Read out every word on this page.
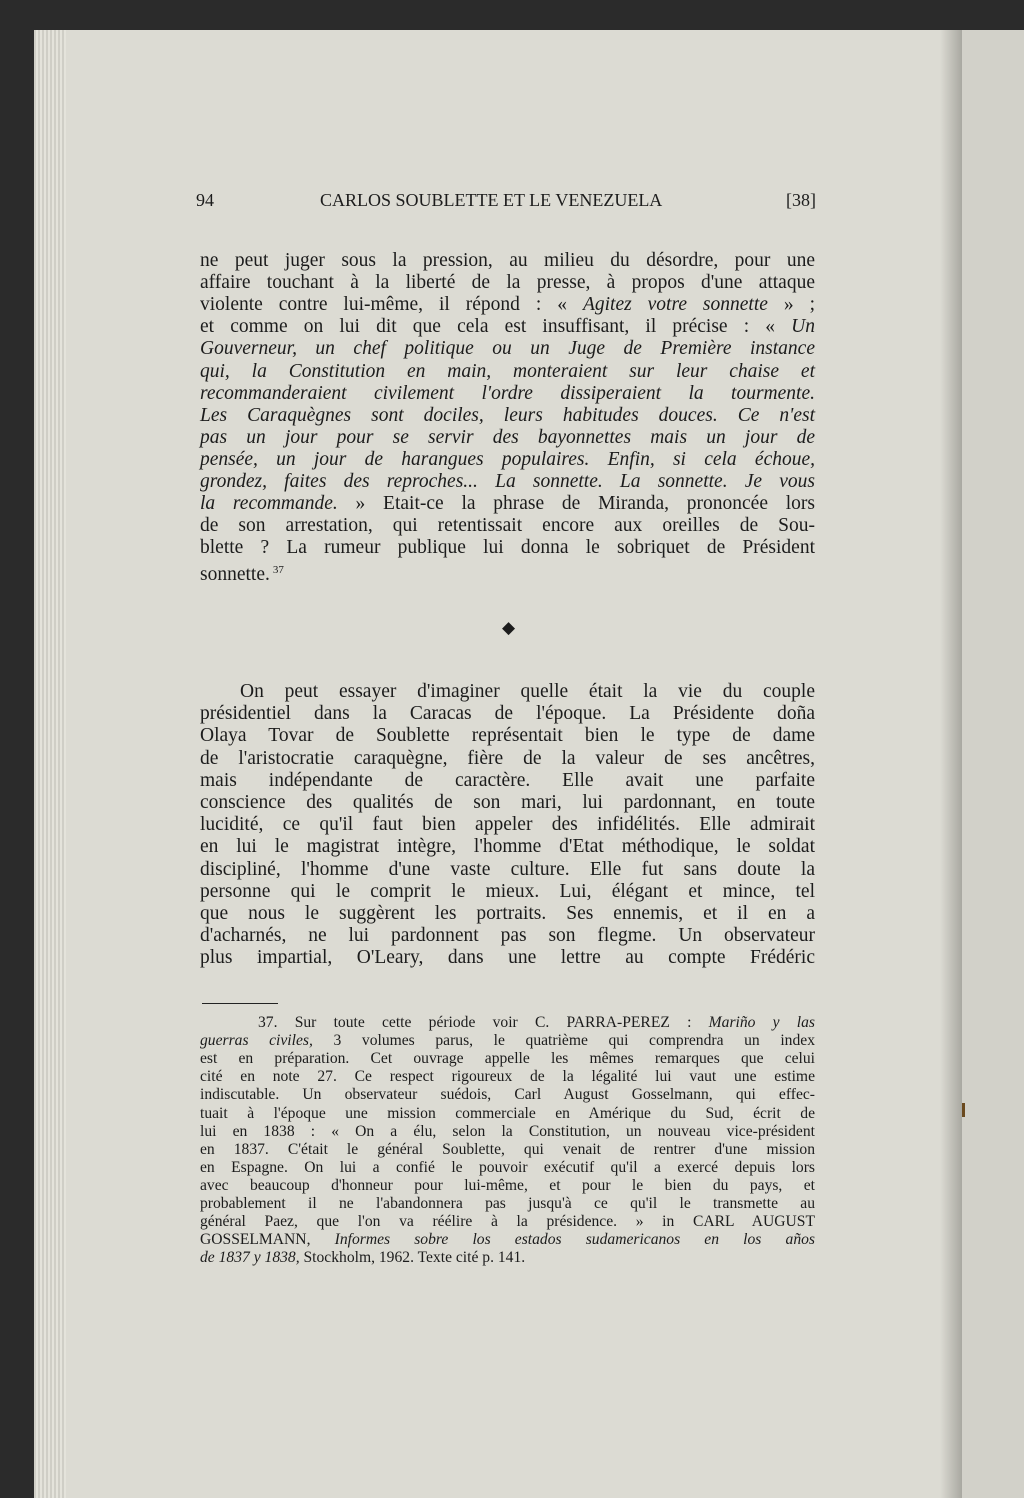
94	CARLOS SOUBLETTE ET LE VENEZUELA	[38]
ne peut juger sous la pression, au milieu du désordre, pour une
affaire touchant à la liberté de la presse, à propos d'une attaque
violente contre lui-même, il répond : « Agitez votre sonnette » ;
et comme on lui dit que cela est insuffisant, il précise : « Un
Gouverneur, un chef politique ou un Juge de Première instance
qui, la Constitution en main, monteraient sur leur chaise et
recommanderaient civilement l'ordre dissiperaient la tourmente.
Les Caraquègnes sont dociles, leurs habitudes douces. Ce n'est
pas un jour pour se servir des bayonnettes mais un jour de
pensée, un jour de harangues populaires. Enfin, si cela échoue,
grondez, faites des reproches... La sonnette. La sonnette. Je vous
la recommande. » Etait-ce la phrase de Miranda, prononcée lors
de son arrestation, qui retentissait encore aux oreilles de Sou-
blette ? La rumeur publique lui donna le sobriquet de Président
sonnette. $^{37}$
◆
On peut essayer d'imaginer quelle était la vie du couple
présidentiel dans la Caracas de l'époque. La Présidente doña
Olaya Tovar de Soublette représentait bien le type de dame
de l'aristocratie caraquègne, fière de la valeur de ses ancêtres,
mais indépendante de caractère. Elle avait une parfaite
conscience des qualités de son mari, lui pardonnant, en toute
lucidité, ce qu'il faut bien appeler des infidélités. Elle admirait
en lui le magistrat intègre, l'homme d'Etat méthodique, le soldat
discipliné, l'homme d'une vaste culture. Elle fut sans doute la
personne qui le comprit le mieux. Lui, élégant et mince, tel
que nous le suggèrent les portraits. Ses ennemis, et il en a
d'acharnés, ne lui pardonnent pas son flegme. Un observateur
plus impartial, O'Leary, dans une lettre au compte Frédéric
37. Sur toute cette période voir C. PARRA-PEREZ : Mariño y las
guerras civiles, 3 volumes parus, le quatrième qui comprendra un index
est en préparation. Cet ouvrage appelle les mêmes remarques que celui
cité en note 27. Ce respect rigoureux de la légalité lui vaut une estime
indiscutable. Un observateur suédois, Carl August Gosselmann, qui effec-
tuait à l'époque une mission commerciale en Amérique du Sud, écrit de
lui en 1838 : « On a élu, selon la Constitution, un nouveau vice-président
en 1837. C'était le général Soublette, qui venait de rentrer d'une mission
en Espagne. On lui a confié le pouvoir exécutif qu'il a exercé depuis lors
avec beaucoup d'honneur pour lui-même, et pour le bien du pays, et
probablement il ne l'abandonnera pas jusqu'à ce qu'il le transmette au
général Paez, que l'on va réélire à la présidence. » in CARL AUGUST
GOSSELMANN, Informes sobre los estados sudamericanos en los años
de 1837 y 1838, Stockholm, 1962. Texte cité p. 141.
